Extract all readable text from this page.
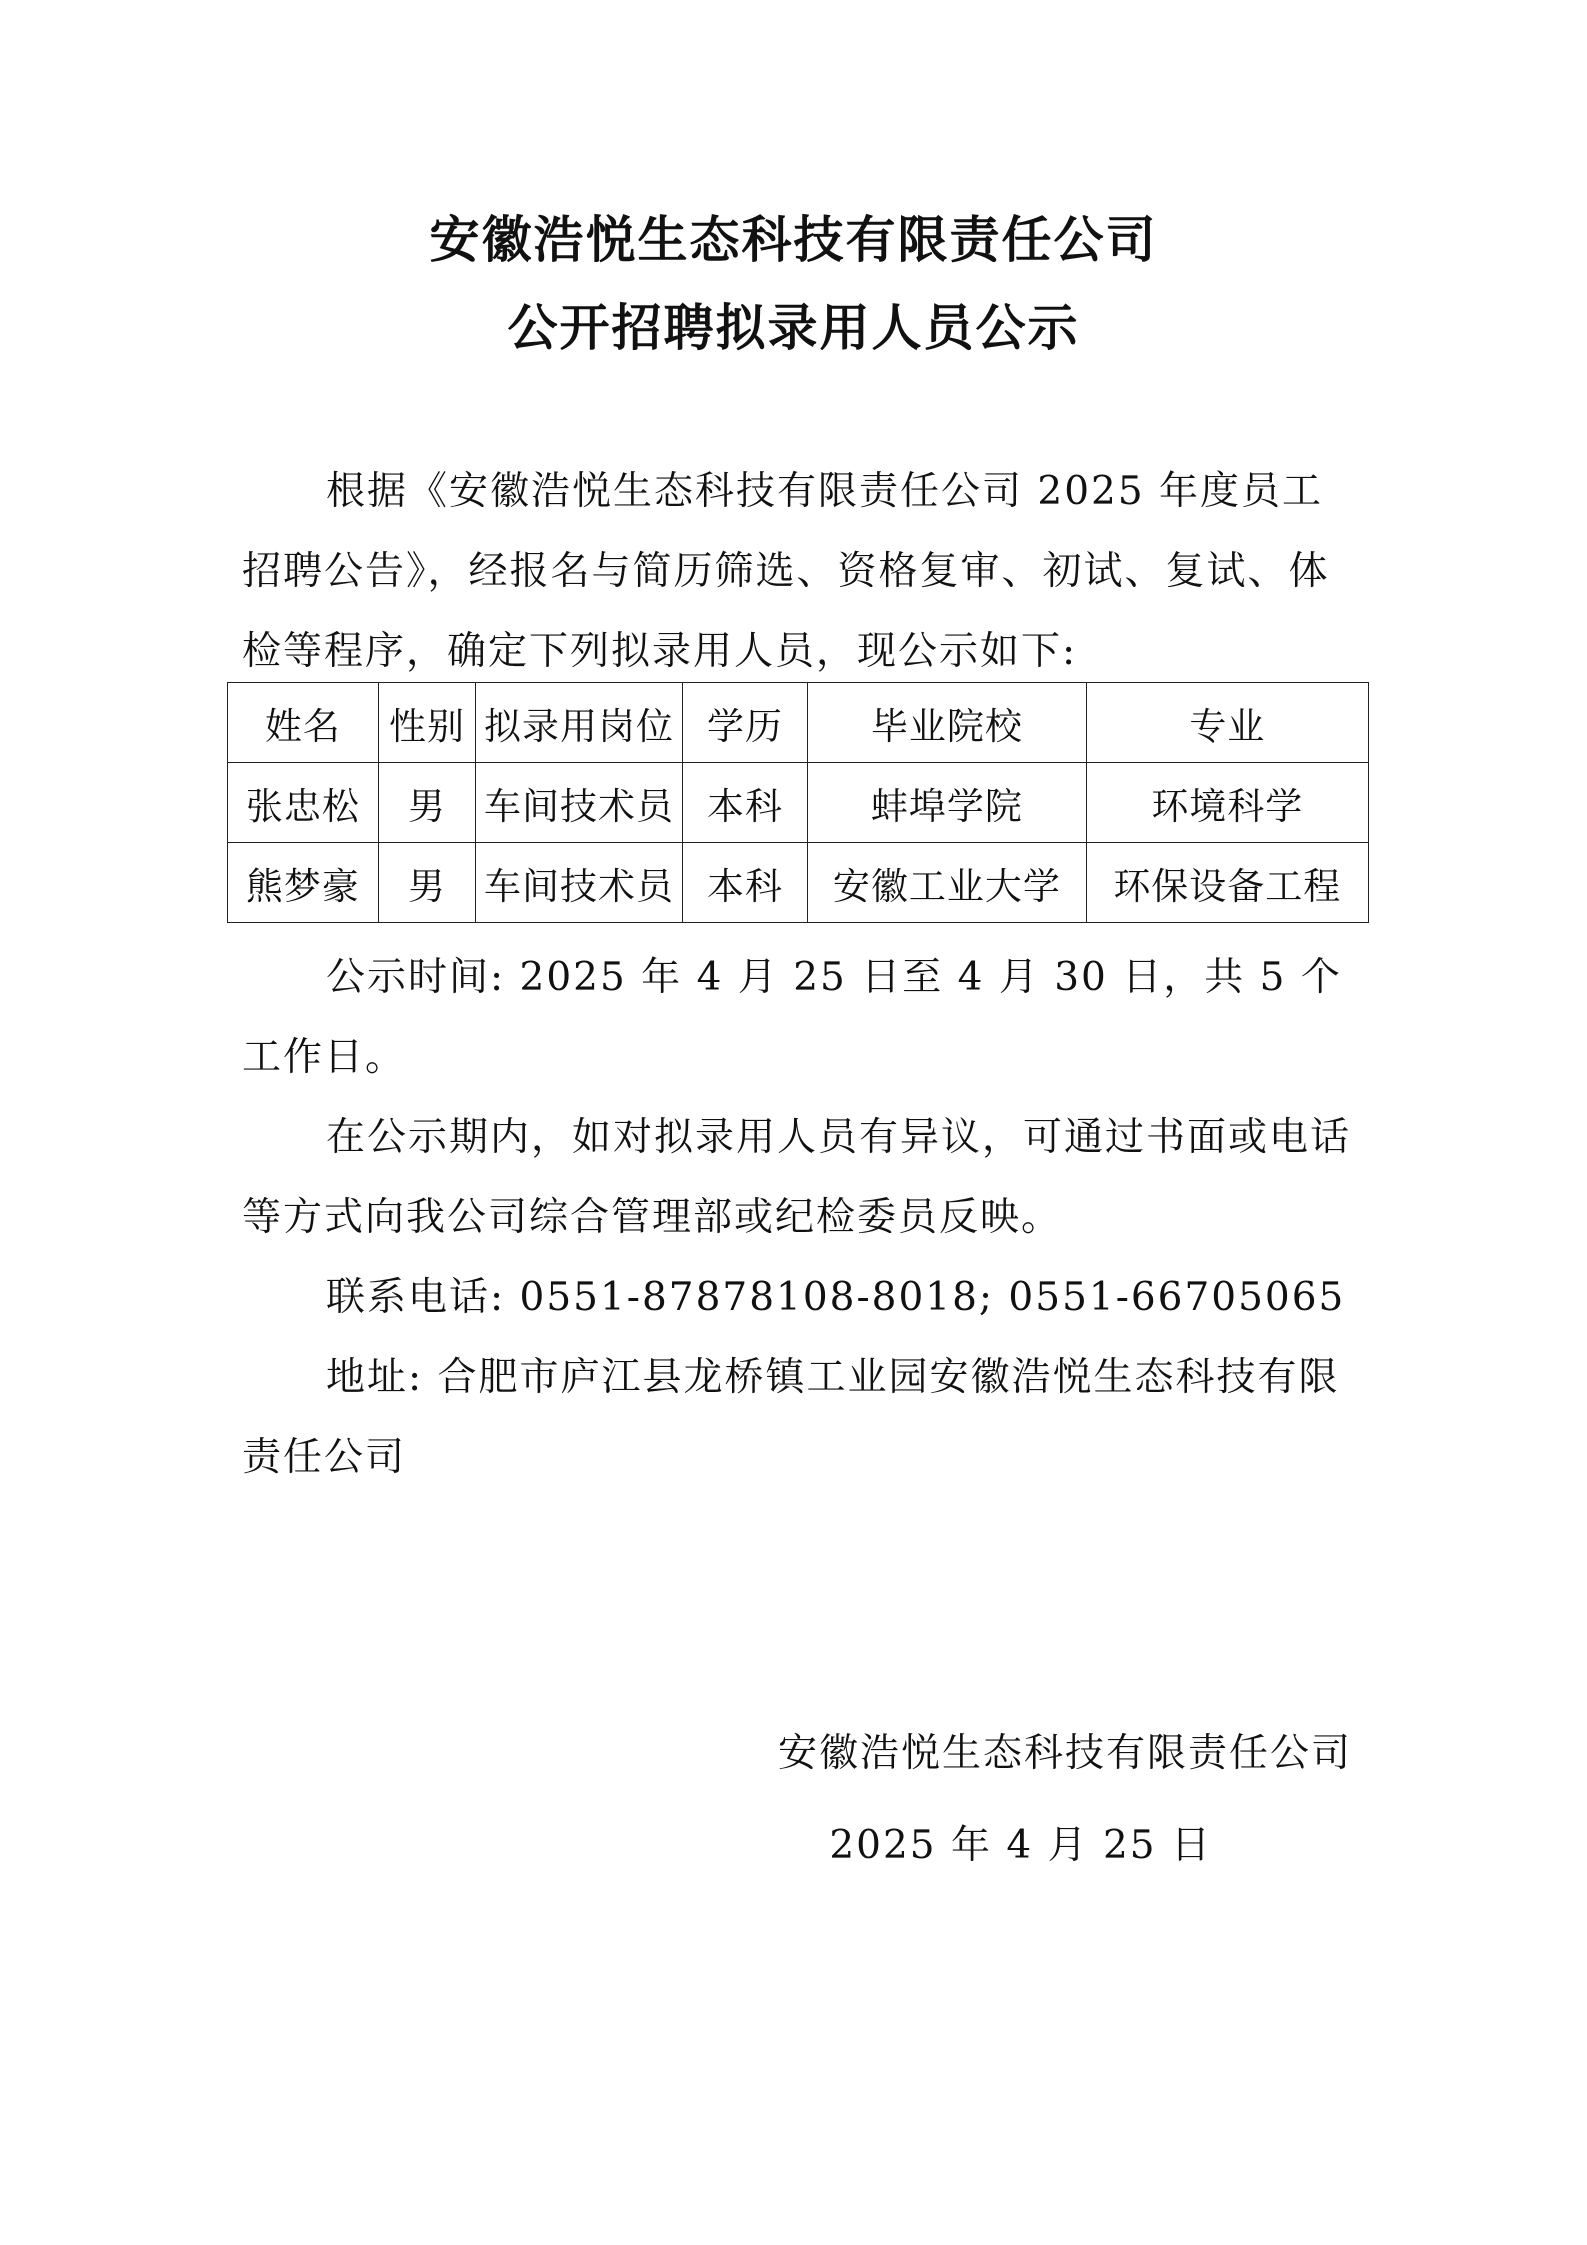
安徽浩悦生态科技有限责任公司
公开招聘拟录用人员公示

根据《安徽浩悦生态科技有限责任公司 2025 年度员工招聘公告》，经报名与简历筛选、资格复审、初试、复试、体检等程序，确定下列拟录用人员，现公示如下:

姓名	性别	拟录用岗位	学历	毕业院校	专业
张忠松	男	车间技术员	本科	蚌埠学院	环境科学
熊梦豪	男	车间技术员	本科	安徽工业大学	环保设备工程

公示时间: 2025 年 4 月 25 日至 4 月 30 日，共 5 个工作日。

在公示期内，如对拟录用人员有异议，可通过书面或电话等方式向我公司综合管理部或纪检委员反映。

联系电话: 0551-87878108-8018; 0551-66705065

地址: 合肥市庐江县龙桥镇工业园安徽浩悦生态科技有限责任公司

安徽浩悦生态科技有限责任公司
2025 年 4 月 25 日
